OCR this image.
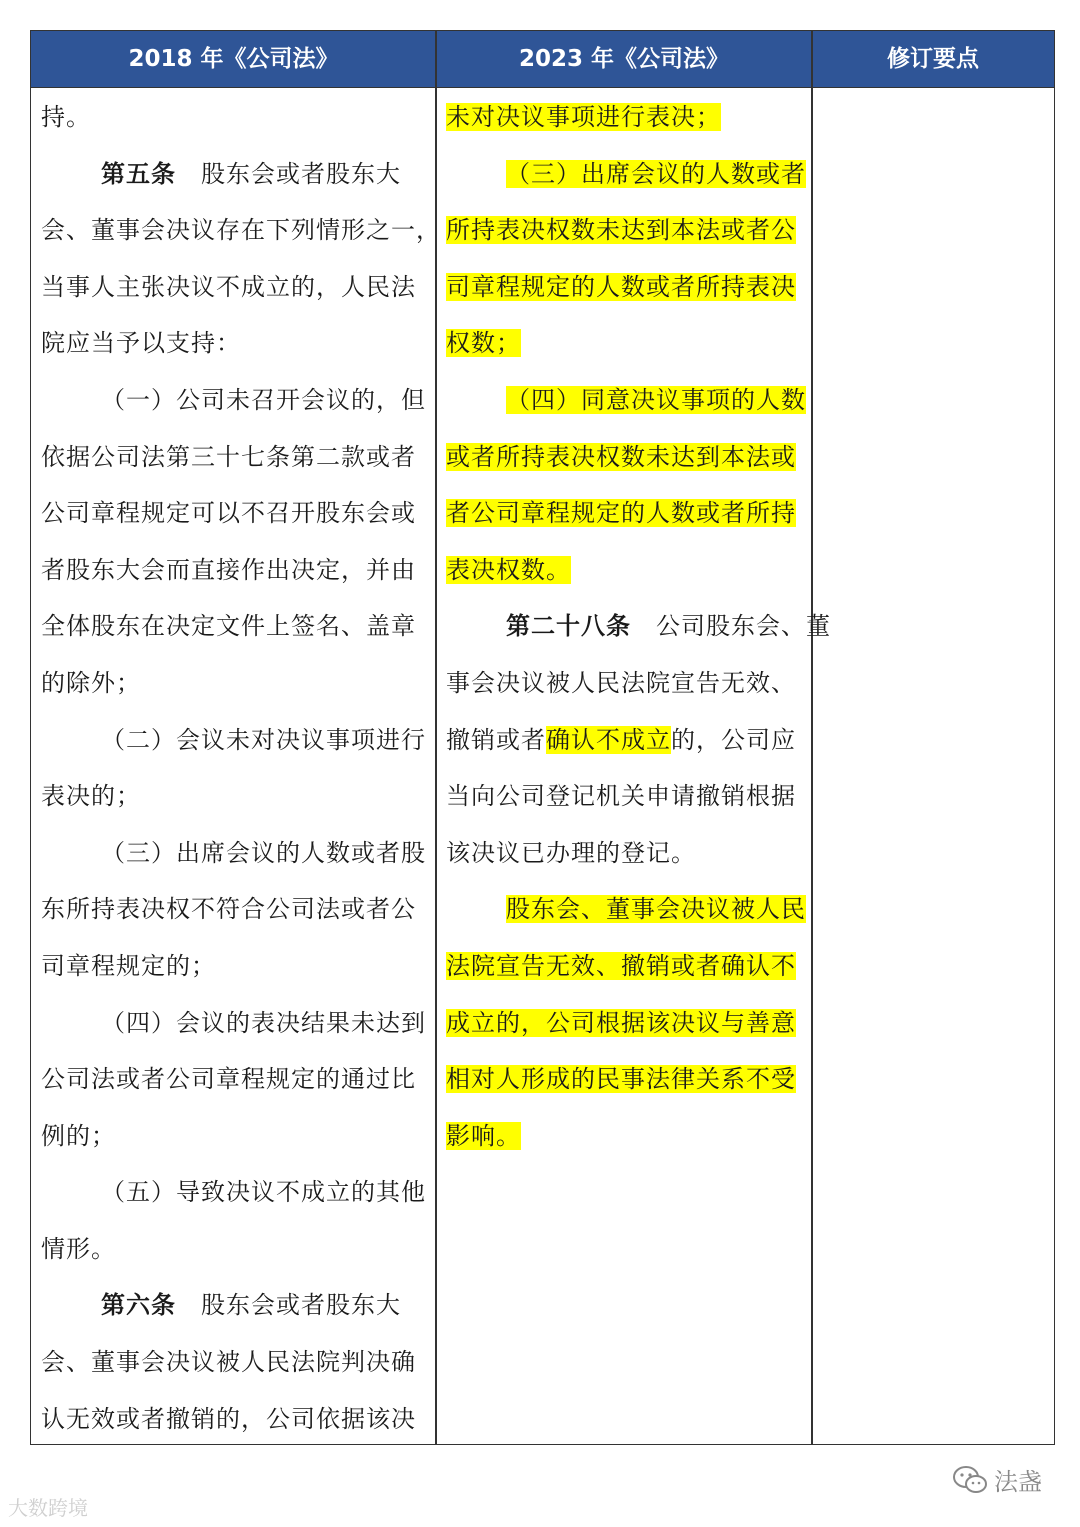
2018 年《公司法》	2023 年《公司法》	修订要点
持。
第五条　股东会或者股东大
会、董事会决议存在下列情形之一，
当事人主张决议不成立的，人民法
院应当予以支持：
（一）公司未召开会议的，但
依据公司法第三十七条第二款或者
公司章程规定可以不召开股东会或
者股东大会而直接作出决定，并由
全体股东在决定文件上签名、盖章
的除外；
（二）会议未对决议事项进行
表决的；
（三）出席会议的人数或者股
东所持表决权不符合公司法或者公
司章程规定的；
（四）会议的表决结果未达到
公司法或者公司章程规定的通过比
例的；
（五）导致决议不成立的其他
情形。
第六条　股东会或者股东大
会、董事会决议被人民法院判决确
认无效或者撤销的，公司依据该决
未对决议事项进行表决；
（三）出席会议的人数或者
所持表决权数未达到本法或者公
司章程规定的人数或者所持表决
权数；
（四）同意决议事项的人数
或者所持表决权数未达到本法或
者公司章程规定的人数或者所持
表决权数。
第二十八条　公司股东会、董
事会决议被人民法院宣告无效、
撤销或者确认不成立的，公司应
当向公司登记机关申请撤销根据
该决议已办理的登记。
股东会、董事会决议被人民
法院宣告无效、撤销或者确认不
成立的，公司根据该决议与善意
相对人形成的民事法律关系不受
影响。
法盏
大数跨境
